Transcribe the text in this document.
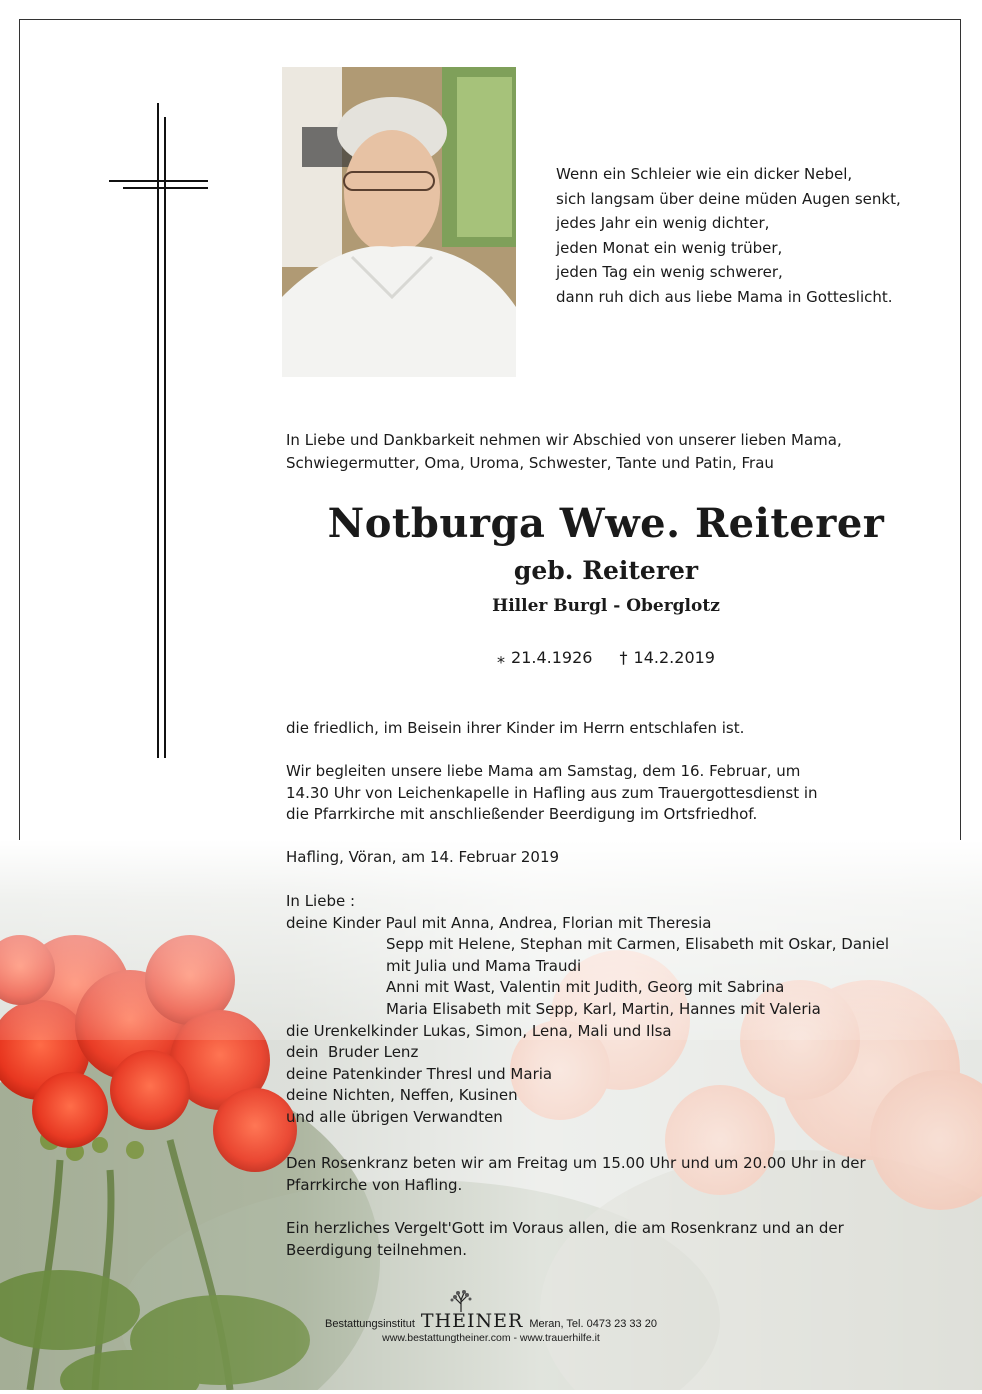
Wenn ein Schleier wie ein dicker Nebel,
sich langsam über deine müden Augen senkt,
jedes Jahr ein wenig dichter,
jeden Monat ein wenig trüber,
jeden Tag ein wenig schwerer,
dann ruh dich aus liebe Mama in Gotteslicht.
In Liebe und Dankbarkeit nehmen wir Abschied von unserer lieben Mama,
Schwiegermutter, Oma, Uroma, Schwester, Tante und Patin, Frau
Notburga Wwe. Reiterer
geb. Reiterer
Hiller Burgl - Oberglotz
⁎ 21.4.1926 † 14.2.2019
die friedlich, im Beisein ihrer Kinder im Herrn entschlafen ist.
Wir begleiten unsere liebe Mama am Samstag, dem 16. Februar, um
14.30 Uhr von Leichenkapelle in Hafling aus zum Trauergottesdienst in
die Pfarrkirche mit anschließender Beerdigung im Ortsfriedhof.
Hafling, Vöran, am 14. Februar 2019
In Liebe :
deine Kinder Paul mit Anna, Andrea, Florian mit Theresia
Sepp mit Helene, Stephan mit Carmen, Elisabeth mit Oskar, Daniel
mit Julia und Mama Traudi
Anni mit Wast, Valentin mit Judith, Georg mit Sabrina
Maria Elisabeth mit Sepp, Karl, Martin, Hannes mit Valeria
die Urenkelkinder Lukas, Simon, Lena, Mali und Ilsa
dein  Bruder Lenz
deine Patenkinder Thresl und Maria
deine Nichten, Neffen, Kusinen
und alle übrigen Verwandten
Den Rosenkranz beten wir am Freitag um 15.00 Uhr und um 20.00 Uhr in der
Pfarrkirche von Hafling.
Ein herzliches Vergelt'Gott im Voraus allen, die am Rosenkranz und an der
Beerdigung teilnehmen.
Bestattungsinstitut THEINER Meran, Tel. 0473 23 33 20
www.bestattungtheiner.com - www.trauerhilfe.it
